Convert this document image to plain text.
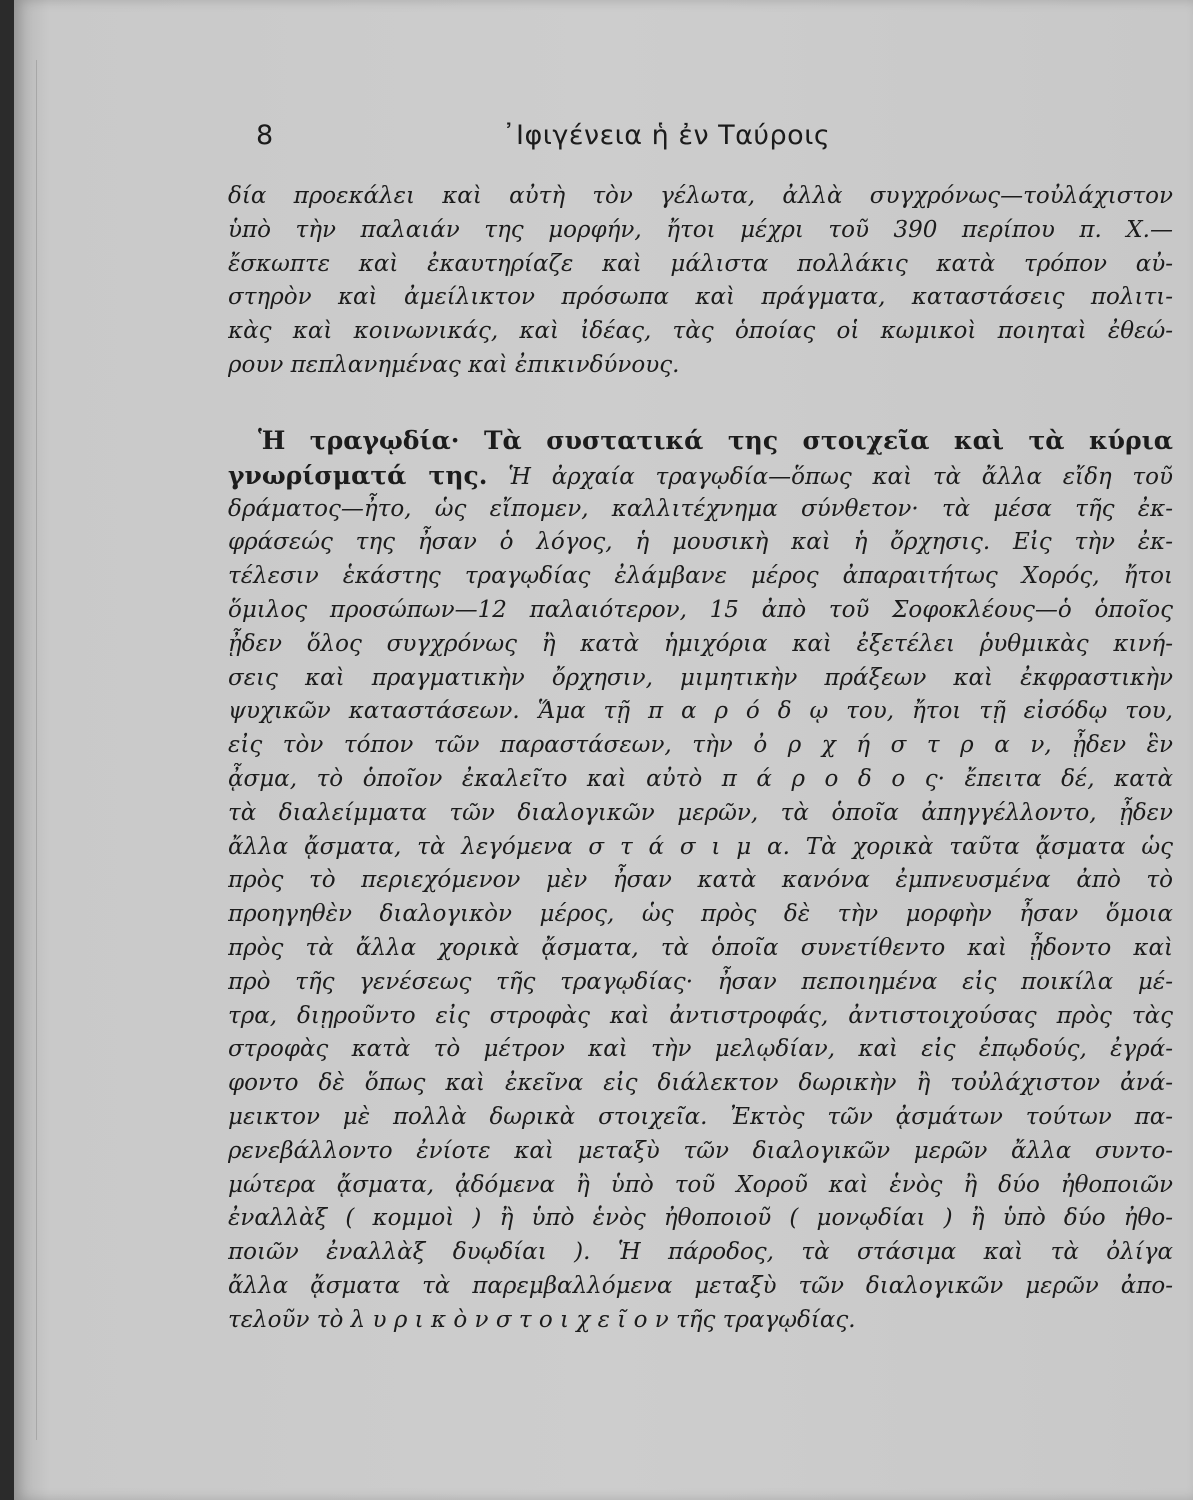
8	᾿Ιφιγένεια ἡ ἐν Ταύροις
δία προεκάλει καὶ αὐτὴ τὸν γέλωτα, ἀλλὰ συγχρόνως—τοὐλάχιστον
ὑπὸ τὴν παλαιάν της μορφήν, ἤτοι μέχρι τοῦ 390 περίπου π. Χ.—
ἔσκωπτε καὶ ἐκαυτηρίαζε καὶ μάλιστα πολλάκις κατὰ τρόπον αὐ-
στηρὸν καὶ ἀμείλικτον πρόσωπα καὶ πράγματα, καταστάσεις πολιτι-
κὰς καὶ κοινωνικάς, καὶ ἰδέας, τὰς ὁποίας οἱ κωμικοὶ ποιηταὶ ἐθεώ-
ρουν πεπλανημένας καὶ ἐπικινδύνους.
Ἡ τραγῳδία· Τὰ συστατικά της στοιχεῖα καὶ τὰ κύρια
γνωρίσματά της. Ἡ ἀρχαία τραγῳδία—ὅπως καὶ τὰ ἄλλα εἴδη τοῦ
δράματος—ἦτο, ὡς εἴπομεν, καλλιτέχνημα σύνθετον· τὰ μέσα τῆς ἐκ-
φράσεώς της ἦσαν ὁ λόγος, ἡ μουσικὴ καὶ ἡ ὄρχησις. Εἰς τὴν ἐκ-
τέλεσιν ἑκάστης τραγῳδίας ἐλάμβανε μέρος ἀπαραιτήτως Χορός, ἤτοι
ὅμιλος προσώπων—12 παλαιότερον, 15 ἀπὸ τοῦ Σοφοκλέους—ὁ ὁποῖος
ᾖδεν ὅλος συγχρόνως ἢ κατὰ ἡμιχόρια καὶ ἐξετέλει ῥυθμικὰς κινή-
σεις καὶ πραγματικὴν ὄρχησιν, μιμητικὴν πράξεων καὶ ἐκφραστικὴν
ψυχικῶν καταστάσεων. Ἅμα τῇ π α ρ ό δ ῳ του, ἤτοι τῇ εἰσόδῳ του,
εἰς τὸν τόπον τῶν παραστάσεων, τὴν ὀ ρ χ ή σ τ ρ α ν, ᾖδεν ἓν
ᾆσμα, τὸ ὁποῖον ἐκαλεῖτο καὶ αὐτὸ π ά ρ ο δ ο ς· ἔπειτα δέ, κατὰ
τὰ διαλείμματα τῶν διαλογικῶν μερῶν, τὰ ὁποῖα ἀπηγγέλλοντο, ᾖδεν
ἄλλα ᾄσματα, τὰ λεγόμενα σ τ ά σ ι μ α. Τὰ χορικὰ ταῦτα ᾄσματα ὡς
πρὸς τὸ περιεχόμενον μὲν ἦσαν κατὰ κανόνα ἐμπνευσμένα ἀπὸ τὸ
προηγηθὲν διαλογικὸν μέρος, ὡς πρὸς δὲ τὴν μορφὴν ἦσαν ὅμοια
πρὸς τὰ ἄλλα χορικὰ ᾄσματα, τὰ ὁποῖα συνετίθεντο καὶ ᾖδοντο καὶ
πρὸ τῆς γενέσεως τῆς τραγῳδίας· ἦσαν πεποιημένα εἰς ποικίλα μέ-
τρα, διῃροῦντο εἰς στροφὰς καὶ ἀντιστροφάς, ἀντιστοιχούσας πρὸς τὰς
στροφὰς κατὰ τὸ μέτρον καὶ τὴν μελῳδίαν, καὶ εἰς ἐπῳδούς, ἐγρά-
φοντο δὲ ὅπως καὶ ἐκεῖνα εἰς διάλεκτον δωρικὴν ἢ τοὐλάχιστον ἀνά-
μεικτον μὲ πολλὰ δωρικὰ στοιχεῖα. Ἐκτὸς τῶν ᾀσμάτων τούτων πα-
ρενεβάλλοντο ἐνίοτε καὶ μεταξὺ τῶν διαλογικῶν μερῶν ἄλλα συντο-
μώτερα ᾄσματα, ᾀδόμενα ἢ ὑπὸ τοῦ Χοροῦ καὶ ἑνὸς ἢ δύο ἠθοποιῶν
ἐναλλὰξ ( κομμοὶ ) ἢ ὑπὸ ἑνὸς ἠθοποιοῦ ( μονῳδίαι ) ἢ ὑπὸ δύο ἠθο-
ποιῶν ἐναλλὰξ δυῳδίαι ). Ἡ πάροδος, τὰ στάσιμα καὶ τὰ ὀλίγα
ἄλλα ᾄσματα τὰ παρεμβαλλόμενα μεταξὺ τῶν διαλογικῶν μερῶν ἀπο-
τελοῦν τὸ λ υ ρ ι κ ὸ ν σ τ ο ι χ ε ῖ ο ν τῆς τραγῳδίας.
